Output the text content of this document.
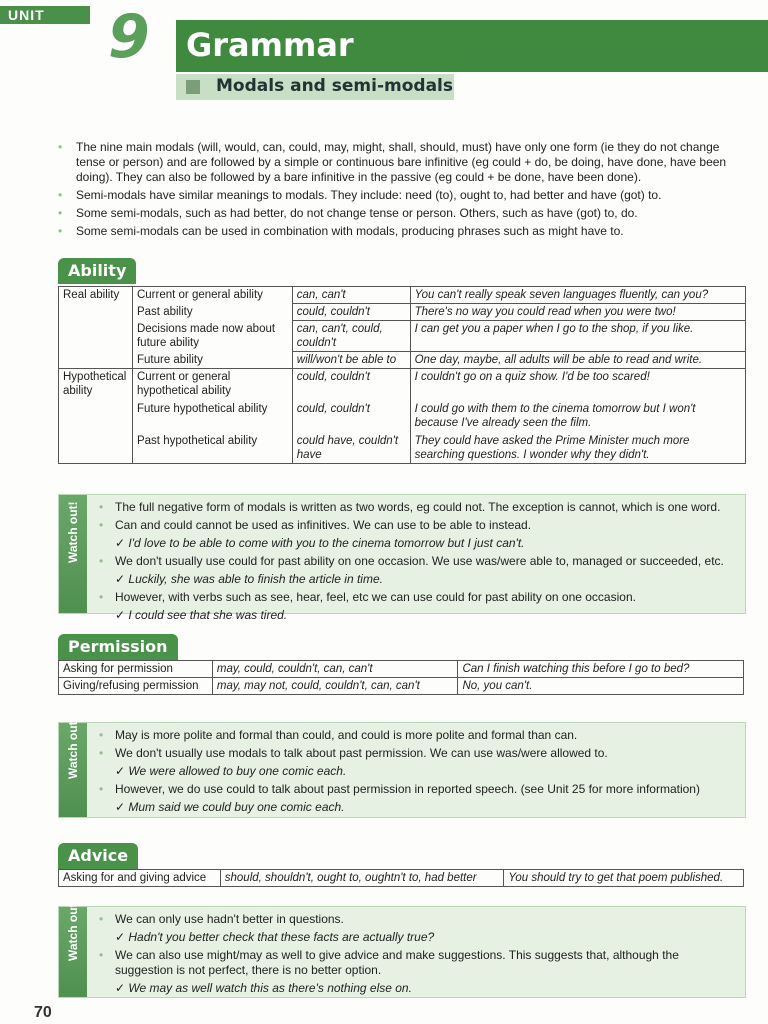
UNIT	9 Grammar
Modals and semi-modals
• The nine main modals (will, would, can, could, may, might, shall, should, must) have only one form (ie they do not change tense or person) and are followed by a simple or continuous bare infinitive (eg could + do, be doing, have done, have been doing). They can also be followed by a bare infinitive in the passive (eg could + be done, have been done).
• Semi-modals have similar meanings to modals. They include: need (to), ought to, had better and have (got) to.
• Some semi-modals, such as had better, do not change tense or person. Others, such as have (got) to, do.
• Some semi-modals can be used in combination with modals, producing phrases such as might have to.
Ability
Real ability	Current or general ability	can, can't	You can't really speak seven languages fluently, can you?
	Past ability	could, couldn't	There's no way you could read when you were two!
	Decisions made now about future ability	can, can't, could, couldn't	I can get you a paper when I go to the shop, if you like.
	Future ability	will/won't be able to	One day, maybe, all adults will be able to read and write.
Hypothetical ability	Current or general hypothetical ability	could, couldn't	I couldn't go on a quiz show. I'd be too scared!
	Future hypothetical ability	could, couldn't	I could go with them to the cinema tomorrow but I won't because I've already seen the film.
	Past hypothetical ability	could have, couldn't have	They could have asked the Prime Minister much more searching questions. I wonder why they didn't.
Watch out!	• The full negative form of modals is written as two words, eg could not. The exception is cannot, which is one word.

• Can and could cannot be used as infinitives. We can use to be able to instead.

✓ I'd love to be able to come with you to the cinema tomorrow but I just can't.

• We don't usually use could for past ability on one occasion. We use was/were able to, managed or succeeded, etc.

✓ Luckily, she was able to finish the article in time.

• However, with verbs such as see, hear, feel, etc we can use could for past ability on one occasion.

✓ I could see that she was tired.

Permission
Asking for permission	may, could, couldn't, can, can't	Can I finish watching this before I go to bed?
Giving/refusing permission	may, may not, could, couldn't, can, can't	No, you can't.
Watch out!	• May is more polite and formal than could, and could is more polite and formal than can.

• We don't usually use modals to talk about past permission. We can use was/were allowed to.

✓ We were allowed to buy one comic each.

• However, we do use could to talk about past permission in reported speech. (see Unit 25 for more information)

✓ Mum said we could buy one comic each.

Advice
Asking for and giving advice	should, shouldn't, ought to, oughtn't to, had better	You should try to get that poem published.
Watch out!	• We can only use hadn't better in questions.

✓ Hadn't you better check that these facts are actually true?

• We can also use might/may as well to give advice and make suggestions. This suggests that, although the suggestion is not perfect, there is no better option.

✓ We may as well watch this as there's nothing else on.

70
